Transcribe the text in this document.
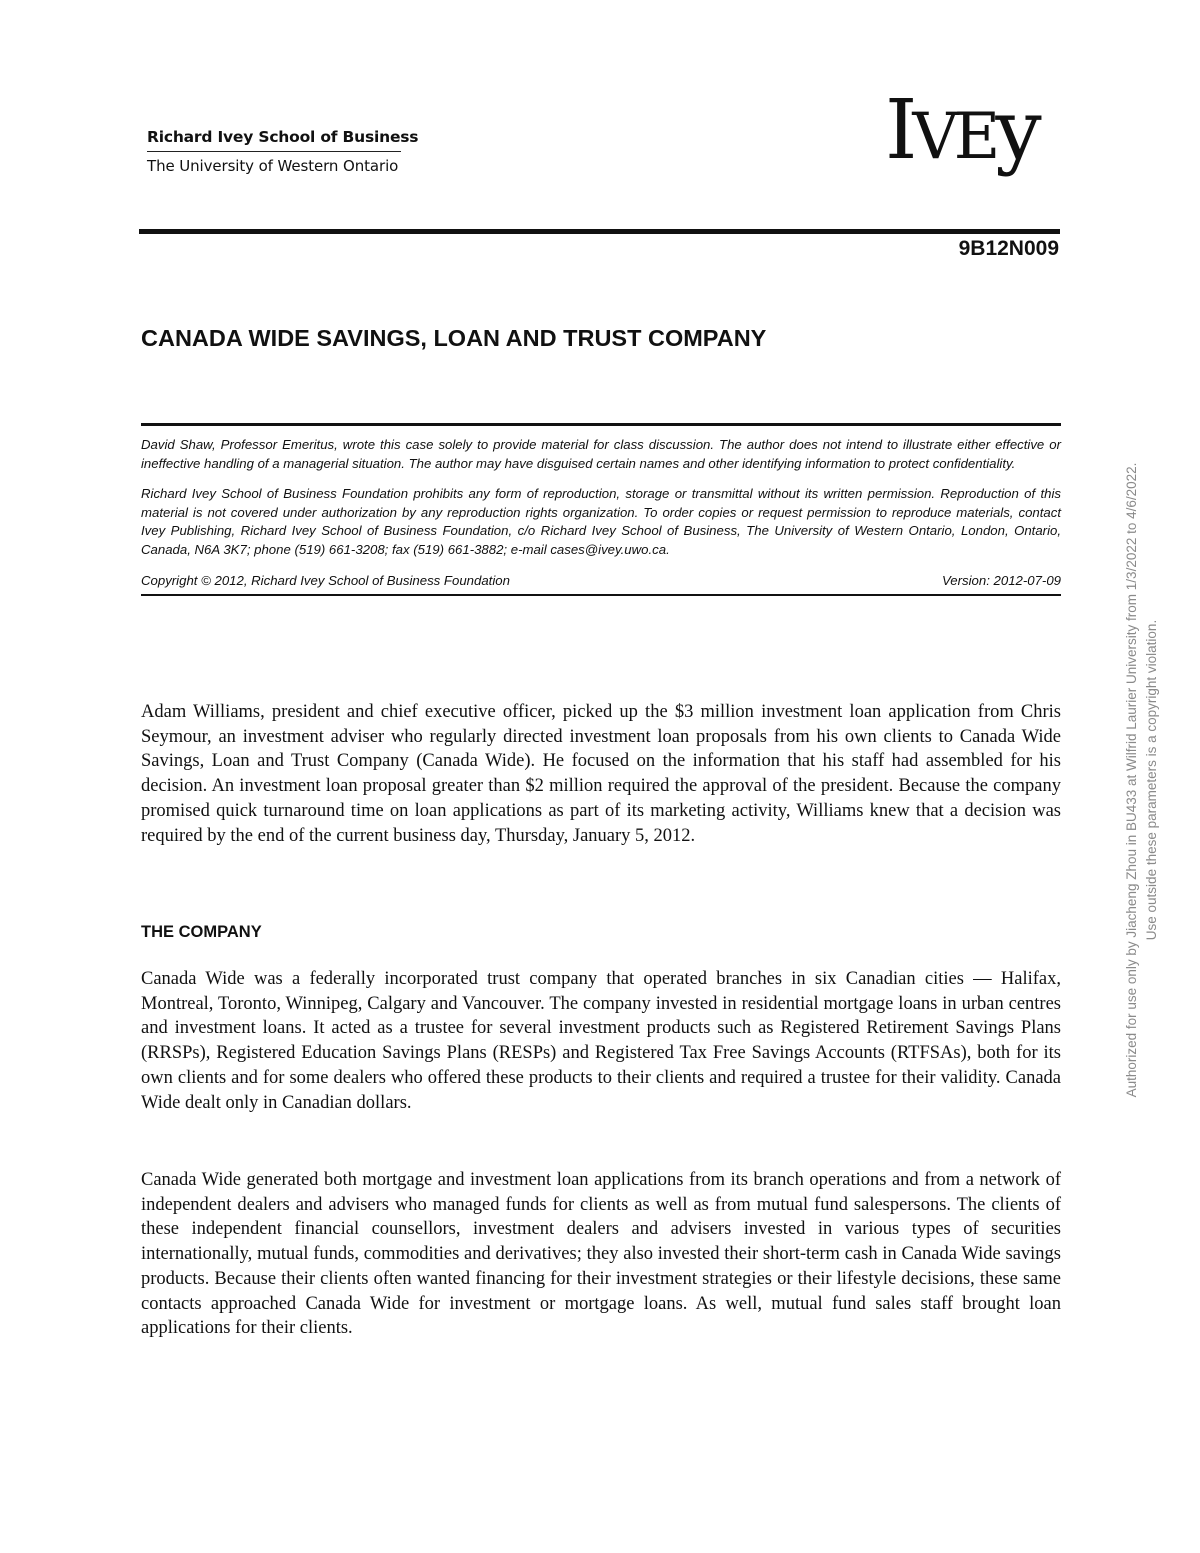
Richard Ivey School of Business
The University of Western Ontario	IVEy
9B12N009
CANADA WIDE SAVINGS, LOAN AND TRUST COMPANY

David Shaw, Professor Emeritus, wrote this case solely to provide material for class discussion. The author does not intend to illustrate either effective or ineffective handling of a managerial situation. The author may have disguised certain names and other identifying information to protect confidentiality.

Richard Ivey School of Business Foundation prohibits any form of reproduction, storage or transmittal without its written permission. Reproduction of this material is not covered under authorization by any reproduction rights organization. To order copies or request permission to reproduce materials, contact Ivey Publishing, Richard Ivey School of Business Foundation, c/o Richard Ivey School of Business, The University of Western Ontario, London, Ontario, Canada, N6A 3K7; phone (519) 661-3208; fax (519) 661-3882; e-mail cases@ivey.uwo.ca.

Copyright © 2012, Richard Ivey School of Business Foundation	Version: 2012-07-09

Adam Williams, president and chief executive officer, picked up the $3 million investment loan application from Chris Seymour, an investment adviser who regularly directed investment loan proposals from his own clients to Canada Wide Savings, Loan and Trust Company (Canada Wide). He focused on the information that his staff had assembled for his decision. An investment loan proposal greater than $2 million required the approval of the president. Because the company promised quick turnaround time on loan applications as part of its marketing activity, Williams knew that a decision was required by the end of the current business day, Thursday, January 5, 2012.

THE COMPANY

Canada Wide was a federally incorporated trust company that operated branches in six Canadian cities — Halifax, Montreal, Toronto, Winnipeg, Calgary and Vancouver. The company invested in residential mortgage loans in urban centres and investment loans. It acted as a trustee for several investment products such as Registered Retirement Savings Plans (RRSPs), Registered Education Savings Plans (RESPs) and Registered Tax Free Savings Accounts (RTFSAs), both for its own clients and for some dealers who offered these products to their clients and required a trustee for their validity. Canada Wide dealt only in Canadian dollars.

Canada Wide generated both mortgage and investment loan applications from its branch operations and from a network of independent dealers and advisers who managed funds for clients as well as from mutual fund salespersons. The clients of these independent financial counsellors, investment dealers and advisers invested in various types of securities internationally, mutual funds, commodities and derivatives; they also invested their short-term cash in Canada Wide savings products. Because their clients often wanted financing for their investment strategies or their lifestyle decisions, these same contacts approached Canada Wide for investment or mortgage loans. As well, mutual fund sales staff brought loan applications for their clients.

Authorized for use only by Jiacheng Zhou in BU433 at Wilfrid Laurier University from 1/3/2022 to 4/6/2022. Use outside these parameters is a copyright violation.
